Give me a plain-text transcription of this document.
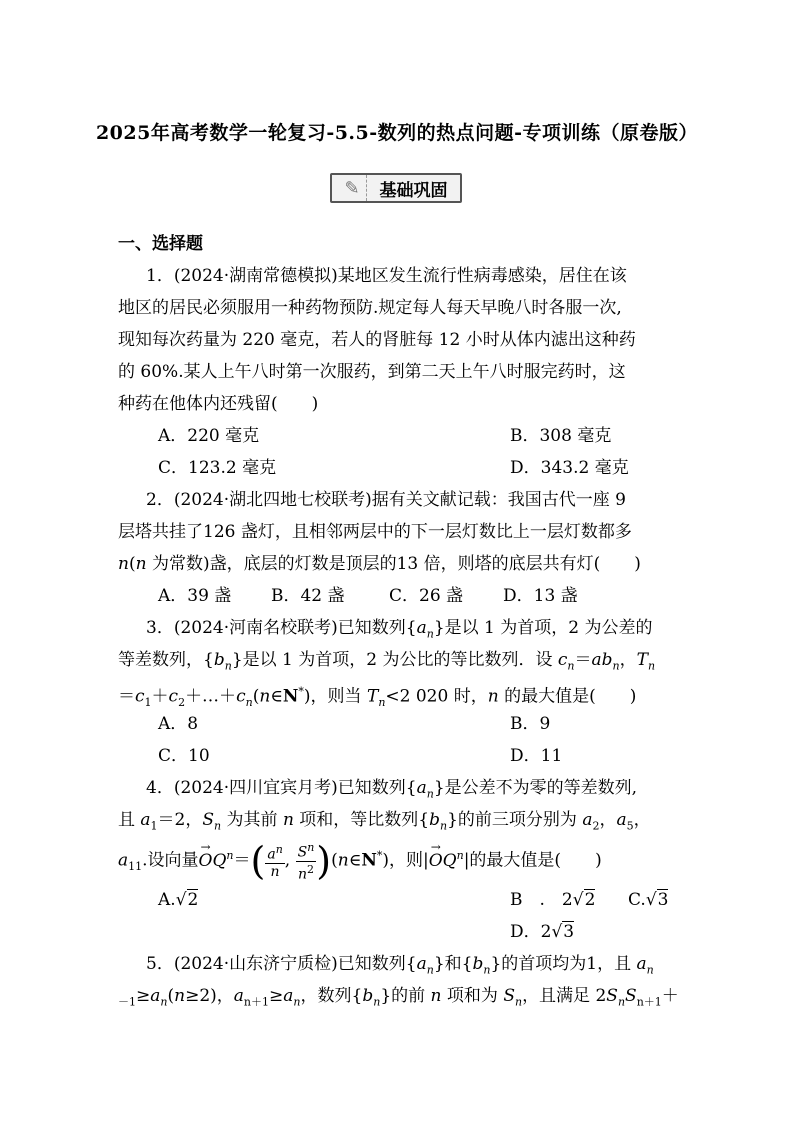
2025年高考数学一轮复习-5.5-数列的热点问题-专项训练（原卷版）
✎	基础巩固
一、选择题
1．(2024·湖南常德模拟)某地区发生流行性病毒感染，居住在该
地区的居民必须服用一种药物预防.规定每人每天早晚八时各服一次,
现知每次药量为 220 毫克，若人的肾脏每 12 小时从体内滤出这种药
的 60%.某人上午八时第一次服药，到第二天上午八时服完药时，这
种药在他体内还残留(　　)
A．220 毫克	B．308 毫克
C．123.2 毫克	D．343.2 毫克
2．(2024·湖北四地七校联考)据有关文献记载：我国古代一座 9
层塔共挂了126 盏灯，且相邻两层中的下一层灯数比上一层灯数都多
n(n 为常数)盏，底层的灯数是顶层的13 倍，则塔的底层共有灯(　　)
A．39 盏 B．42 盏	C．26 盏 D．13 盏
3．(2024·河南名校联考)已知数列$\{a_n\}$是以 1 为首项，2 为公差的
等差数列，$\{b_n\}$是以 1 为首项，2 为公比的等比数列．设 $c_n=ab_n$，$T_n$
$=c_1+c_2+\dots+c_n(n\in N^*)$，则当 $T_n<2$ 020 时，n 的最大值是(　　)
A．8	B．9
C．10	D．11
4．(2024·四川宜宾月考)已知数列$\{a_n\}$是公差不为零的等差数列,
且 $a_1=2$，$S_n$ 为其前 n 项和，等比数列$\{b_n\}$的前三项分别为 $a_2$，$a_5$，
$a_{11}$.设向量→ $OQ^n=( \frac{a^n}{n}$ , $\frac{S^n}{n^2}$ )(n∈N*)，则|→ $OQ^n|$的最大值是(　　)
A.√2	B　.　2√2 C.√3
D．2√3
5．(2024·山东济宁质检)已知数列$\{a_n\}$和$\{b_n\}$的首项均为1，且 $a_n$
$_{-1}\ge a_n(n\ge 2)$，$a_{n+1}\ge a_n$，数列$\{b_n\}$的前 n 项和为 $S_n$，且满足 $2S_nS_{n+1}+$
